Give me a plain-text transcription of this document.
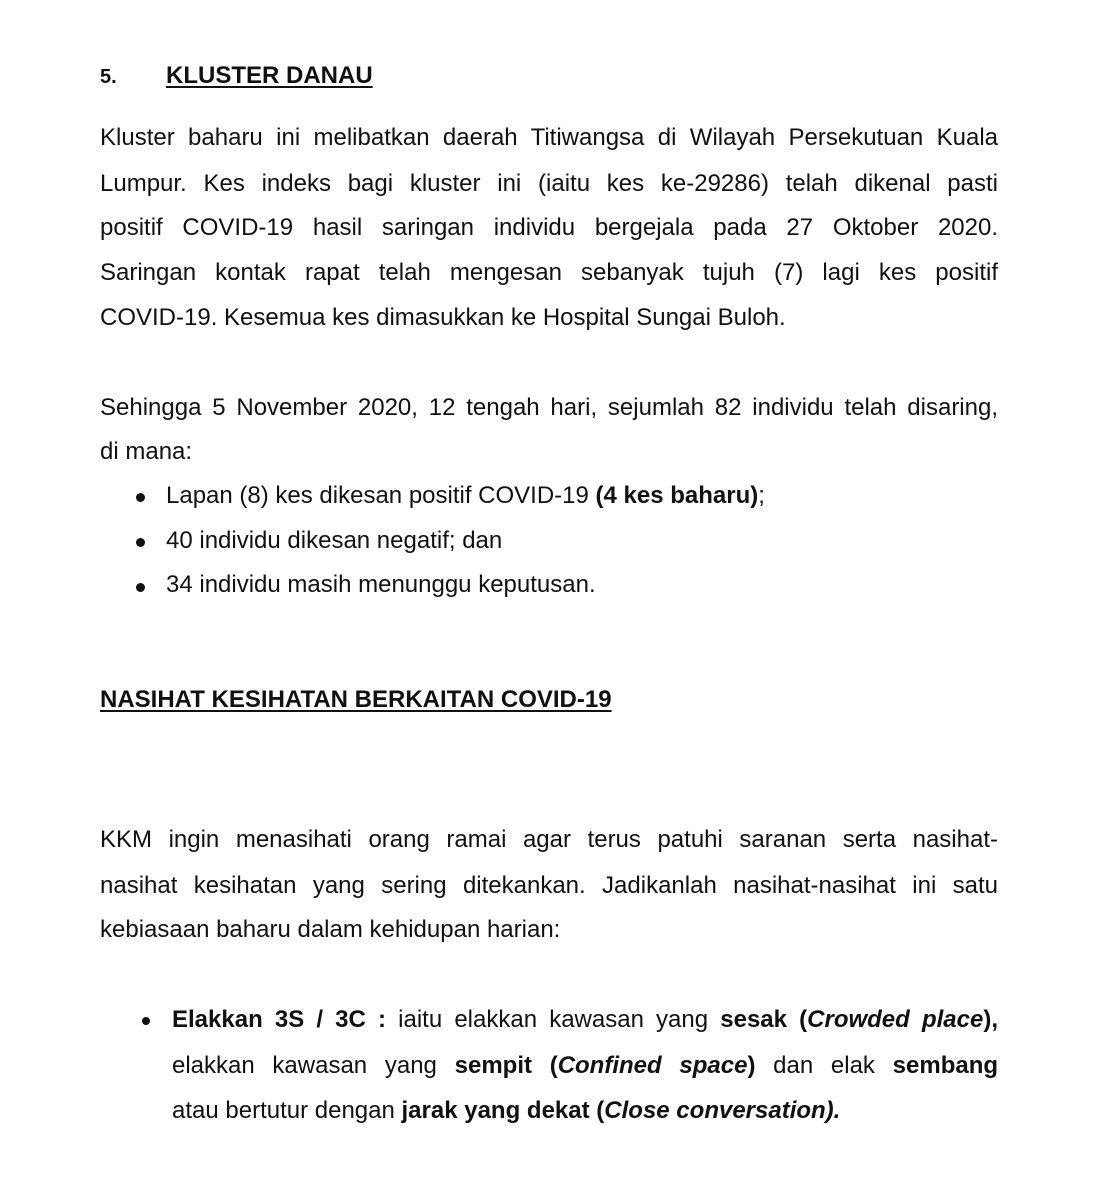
5. KLUSTER DANAU
Kluster baharu ini melibatkan daerah Titiwangsa di Wilayah Persekutuan Kuala
Lumpur. Kes indeks bagi kluster ini (iaitu kes ke-29286) telah dikenal pasti
positif COVID-19 hasil saringan individu bergejala pada 27 Oktober 2020.
Saringan kontak rapat telah mengesan sebanyak tujuh (7) lagi kes positif
COVID-19. Kesemua kes dimasukkan ke Hospital Sungai Buloh.
Sehingga 5 November 2020, 12 tengah hari, sejumlah 82 individu telah disaring,
di mana:
Lapan (8) kes dikesan positif COVID-19 (4 kes baharu);
40 individu dikesan negatif; dan
34 individu masih menunggu keputusan.
NASIHAT KESIHATAN BERKAITAN COVID-19
KKM ingin menasihati orang ramai agar terus patuhi saranan serta nasihat-
nasihat kesihatan yang sering ditekankan. Jadikanlah nasihat-nasihat ini satu
kebiasaan baharu dalam kehidupan harian:
Elakkan 3S / 3C : iaitu elakkan kawasan yang sesak (Crowded place),
elakkan kawasan yang sempit (Confined space) dan elak sembang
atau bertutur dengan jarak yang dekat (Close conversation).
